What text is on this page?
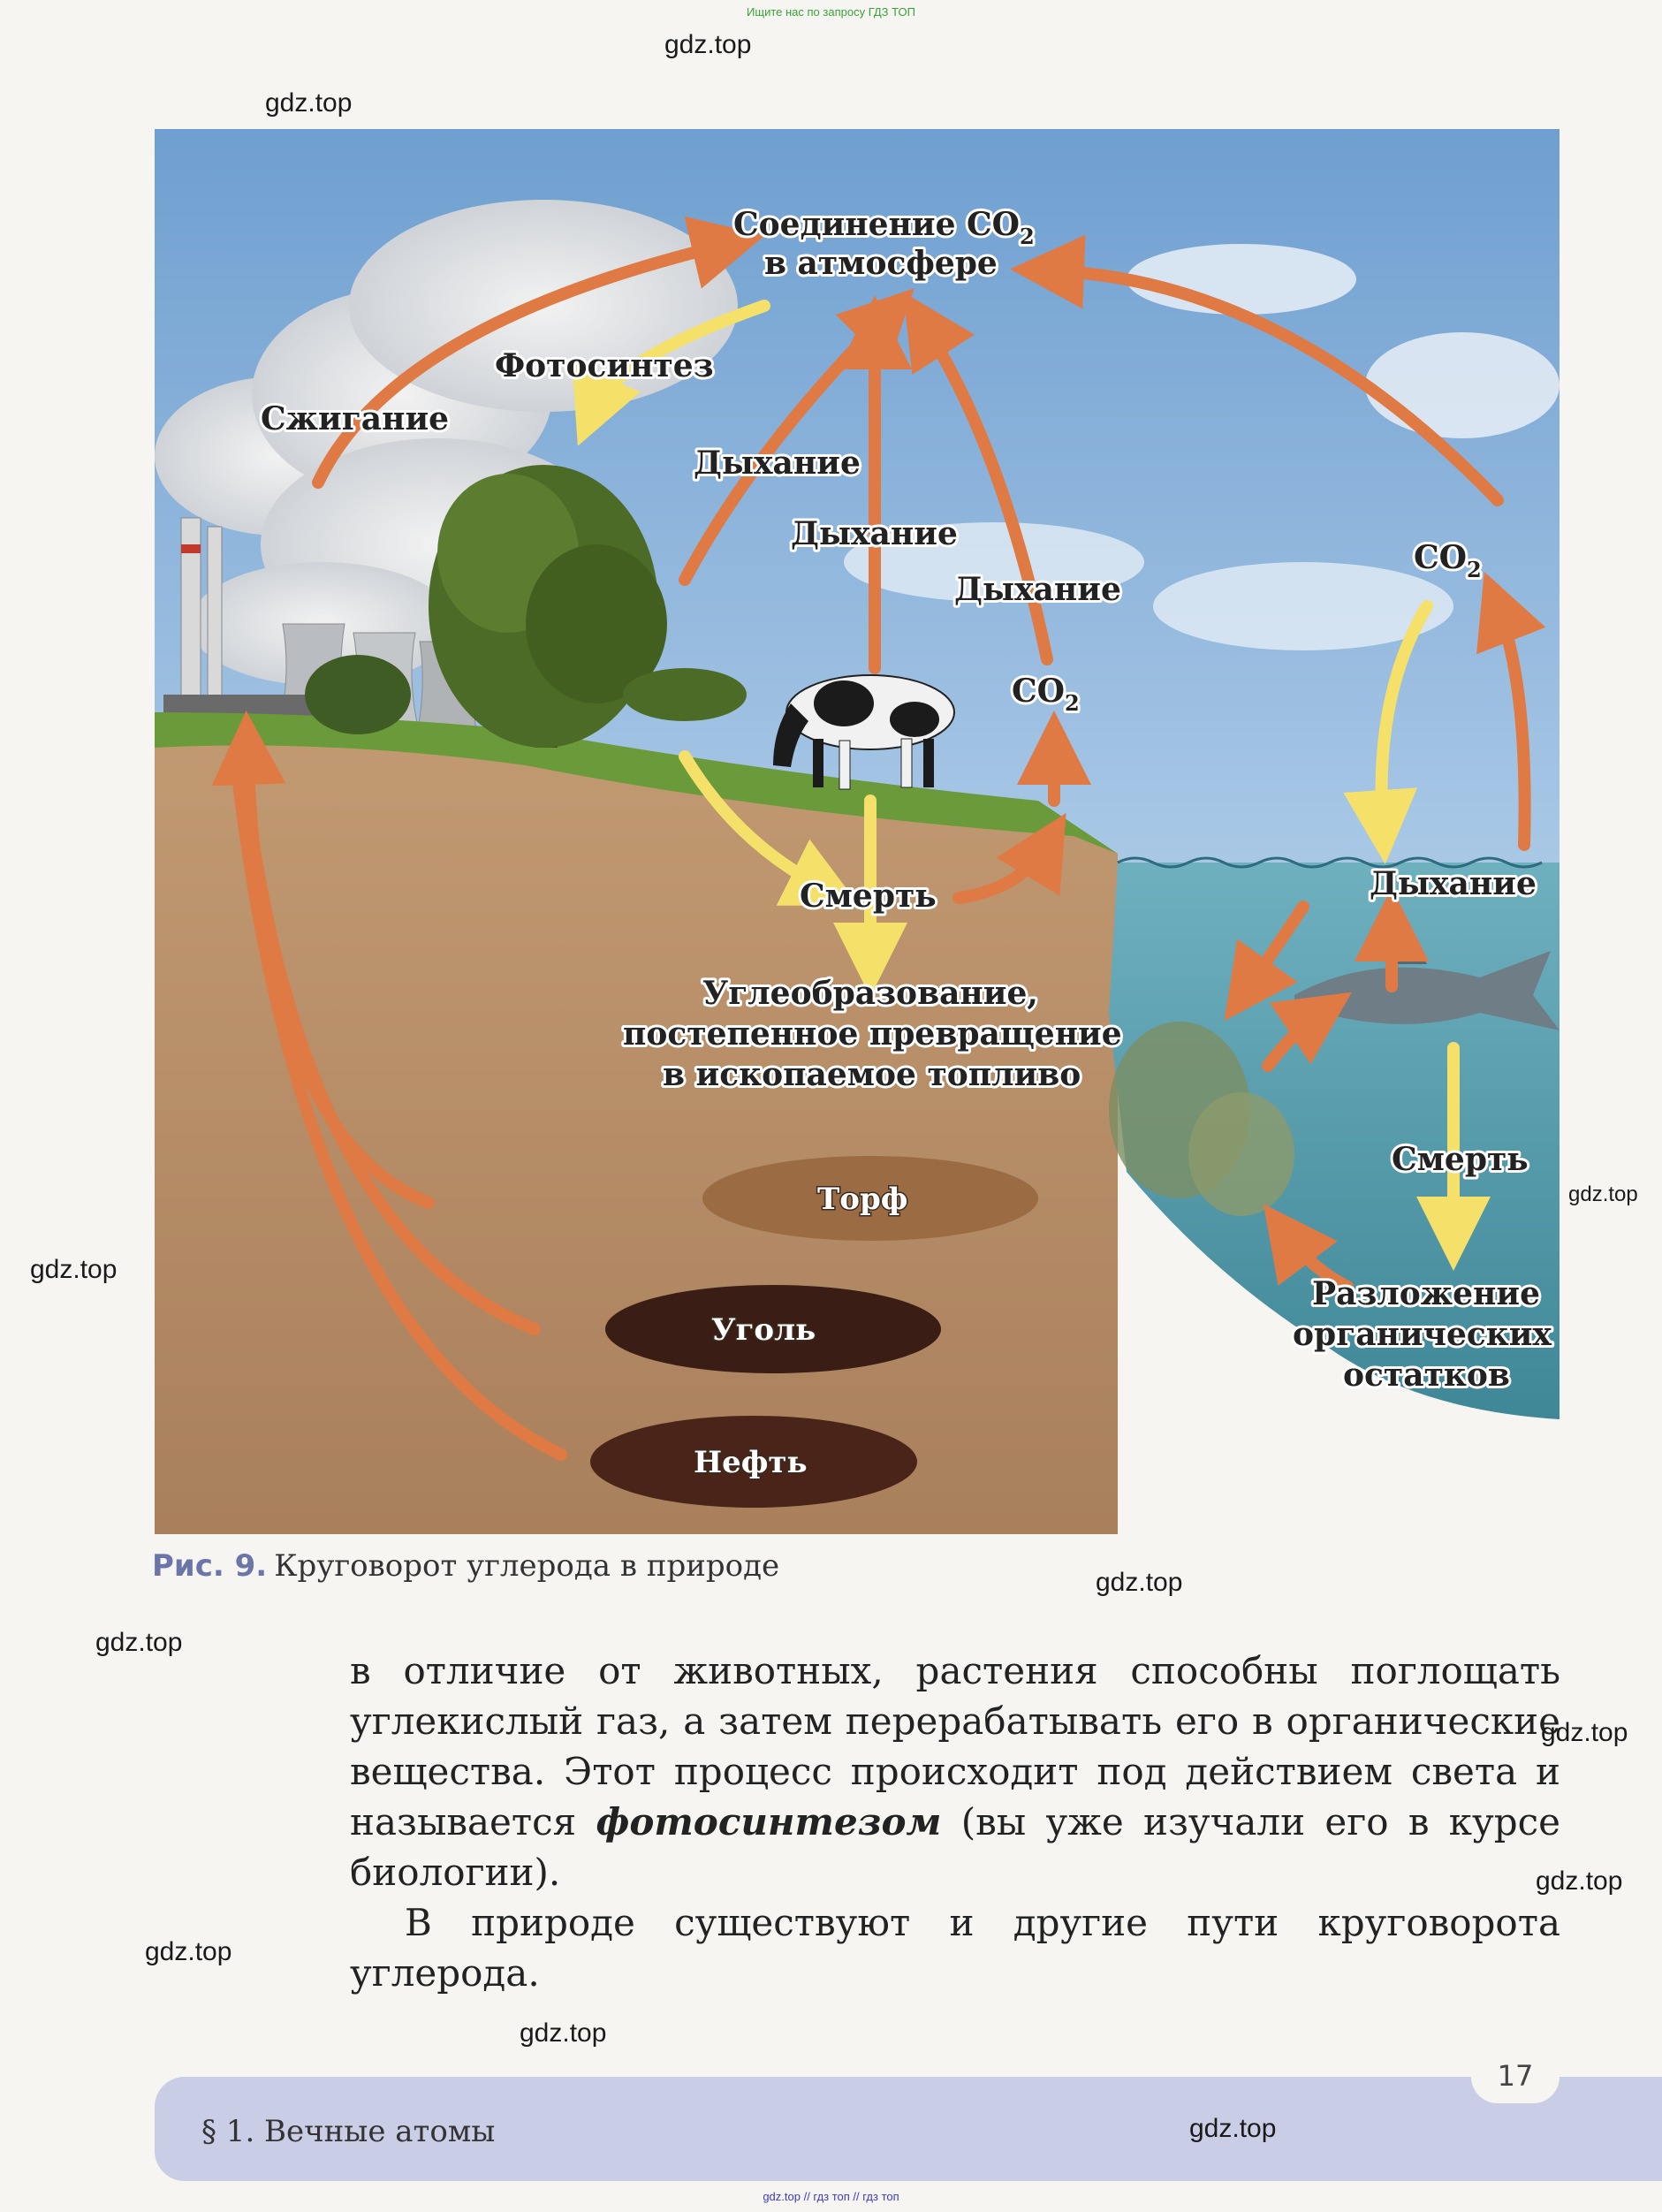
Ищите нас по запросу ГДЗ ТОП
gdz.top
gdz.top
gdz.top
gdz.top
Соединение $CO_2$
в атмосфере
Фотосинтез
Сжигание
Дыхание
Дыхание
Дыхание
$CO_2$
$CO_2$
Смерть
Углеобразование,
постепенное превращение
в ископаемое топливо
Дыхание
Смерть
Разложение
органических
остатков
Торф
Уголь
Нефть
Рис. 9. Круговорот углерода в природе	gdz.top
gdz.top

в отличие от животных, растения способны поглощать углекислый газ, а затем перерабатывать его в органические вещества. Этот процесс происходит под действием света и называется фотосинтезом (вы уже изучали его в курсе биологии).

В природе существуют и другие пути круговорота углерода.

gdz.top
gdz.top
gdz.top
gdz.top
§ 1. Вечные атомы
17
gdz.top
gdz.top // гдз топ // гдз топ
